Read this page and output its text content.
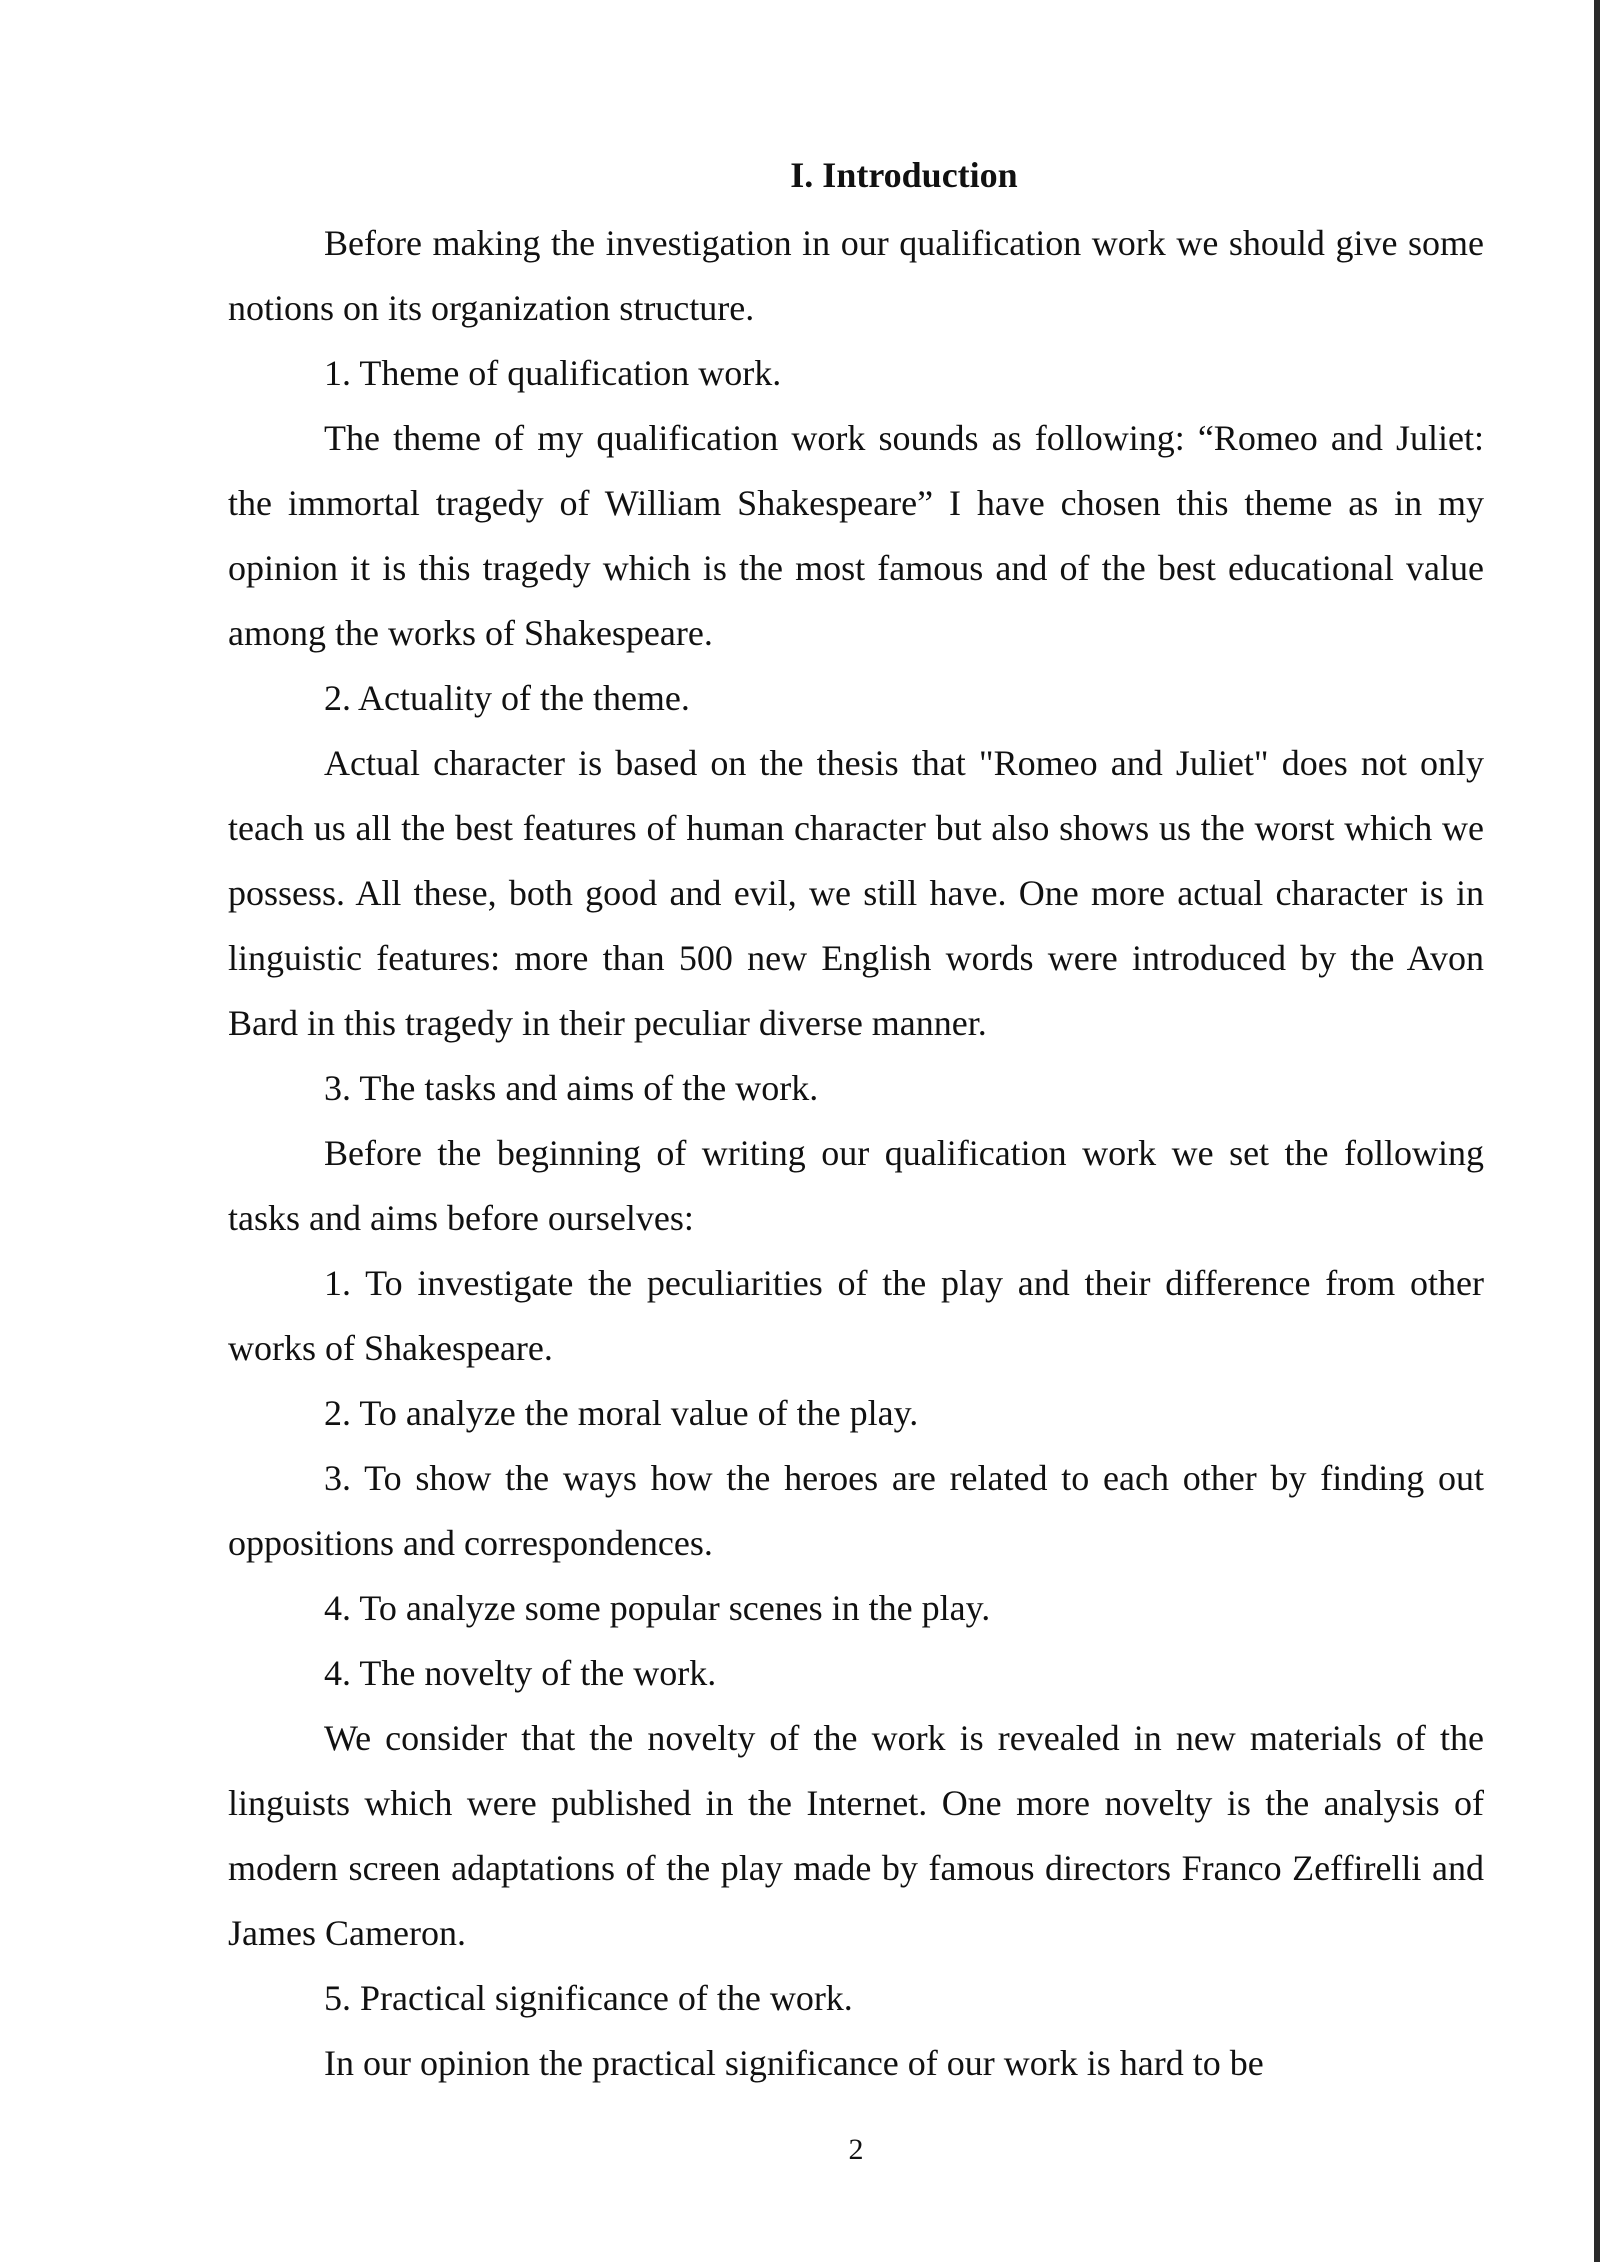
I. Introduction

Before making the investigation in our qualification work we should give some notions on its organization structure.

1. Theme of qualification work.

The theme of my qualification work sounds as following: “Romeo and Juliet: the immortal tragedy of William Shakespeare” I have chosen this theme as in my opinion it is this tragedy which is the most famous and of the best educational value among the works of Shakespeare.

2. Actuality of the theme.

Actual character is based on the thesis that "Romeo and Juliet" does not only teach us all the best features of human character but also shows us the worst which we possess. All these, both good and evil, we still have. One more actual character is in linguistic features: more than 500 new English words were introduced by the Avon Bard in this tragedy in their peculiar diverse manner.

3. The tasks and aims of the work.

Before the beginning of writing our qualification work we set the following tasks and aims before ourselves:

1. To investigate the peculiarities of the play and their difference from other works of Shakespeare.

2. To analyze the moral value of the play.

3. To show the ways how the heroes are related to each other by finding out oppositions and correspondences.

4. To analyze some popular scenes in the play.

4. The novelty of the work.

We consider that the novelty of the work is revealed in new materials of the linguists which were published in the Internet. One more novelty is the analysis of modern screen adaptations of the play made by famous directors Franco Zeffirelli and James Cameron.

5. Practical significance of the work.

In our opinion the practical significance of our work is hard to be

2
